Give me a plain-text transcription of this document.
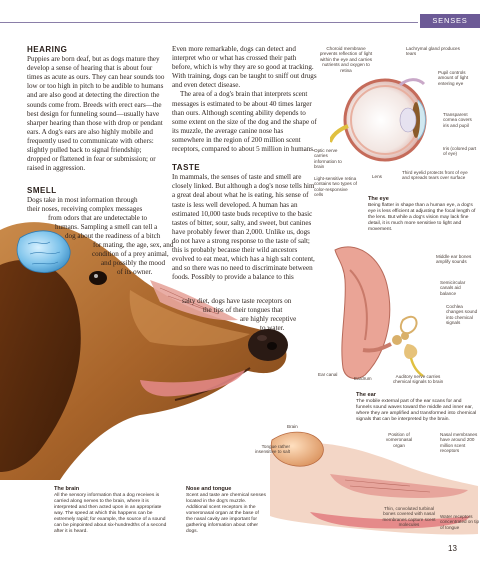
SENSES
HEARING

Puppies are born deaf, but as dogs mature they develop a sense of hearing that is about four times as acute as ours. They can hear sounds too low or too high in pitch to be audible to humans and are also good at detecting the direction the sounds come from. Breeds with erect ears—the best design for funneling sound—usually have sharper hearing than those with drop or pendant ears. A dog's ears are also highly mobile and frequently used to communicate with others: slightly pulled back to signal friendship; dropped or flattened in fear or submission; or raised in aggression.

SMELL
Dogs take in most information through
their noses, receiving complex messages
from odors that are undetectable to
humans. Sampling a smell can tell a
dog about the readiness of a bitch
for mating, the age, sex, and
condition of a prey animal,
and possibly the mood
of its owner.

Even more remarkable, dogs can detect and interpret who or what has crossed their path before, which is why they are so good at tracking. With training, dogs can be taught to sniff out drugs and even detect disease.

The area of a dog's brain that interprets scent messages is estimated to be about 40 times larger than ours. Although scenting ability depends to some extent on the size of the dog and the shape of its muzzle, the average canine nose has somewhere in the region of 200 million scent receptors, compared to about 5 million in humans.

TASTE

In mammals, the senses of taste and smell are closely linked. But although a dog's nose tells him a great deal about what he is eating, his sense of taste is less well developed. A human has an estimated 10,000 taste buds receptive to the basic tastes of bitter, sour, salty, and sweet, but canines have probably fewer than 2,000. Unlike us, dogs do not have a strong response to the taste of salt; this is probably because their wild ancestors evolved to eat meat, which has a high salt content, and so there was no need to discriminate between foods. Possibly to provide a balance to this

salty diet, dogs have taste receptors on
the tips of their tongues that
are highly receptive
to water.
Choroid membrane prevents reflection of light within the eye and carries nutrients and oxygen to retina
Lachrymal gland produces tears
Pupil controls amount of light entering eye
Transparent cornea covers iris and pupil
Iris (colored part of eye)
Optic nerve carries information to brain
Light-sensitive retina contains two types of color-responsive cells
Lens
Third eyelid protects front of eye and spreads tears over surface
The eye
Being flatter in shape than a human eye, a dog's eye is less efficient at adjusting the focal length of the lens. But while a dog's vision may lack fine detail, it is much more sensitive to light and movement.
Middle ear bones amplify sounds
Semicircular canals aid balance
Cochlea changes sound into chemical signals
Ear canal
Eardrum	Auditory nerve carries chemical signals to brain
The ear
The mobile external part of the ear scans for and funnels sound waves toward the middle and inner ear, where they are amplified and transformed into chemical signals that can be interpreted by the brain.
Brain
Tongue rather insensitive to salt
Position of vomeronasal organ
Nasal membranes have around 200 million scent receptors
Thin, convoluted turbinal bones covered with nasal membranes capture scent molecules
Water receptors concentrated on tip of tongue
The brain
All the sensory information that a dog receives is carried along nerves to the brain, where it is interpreted and then acted upon in an appropriate way. The speed at which this happens can be extremely rapid; for example, the source of a sound can be pinpointed about six-hundredths of a second after it is heard.
Nose and tongue
Scent and taste are chemical senses located in the dog's muzzle. Additional scent receptors in the vomeronasal organ at the base of the nasal cavity are important for gathering information about other dogs.
13
